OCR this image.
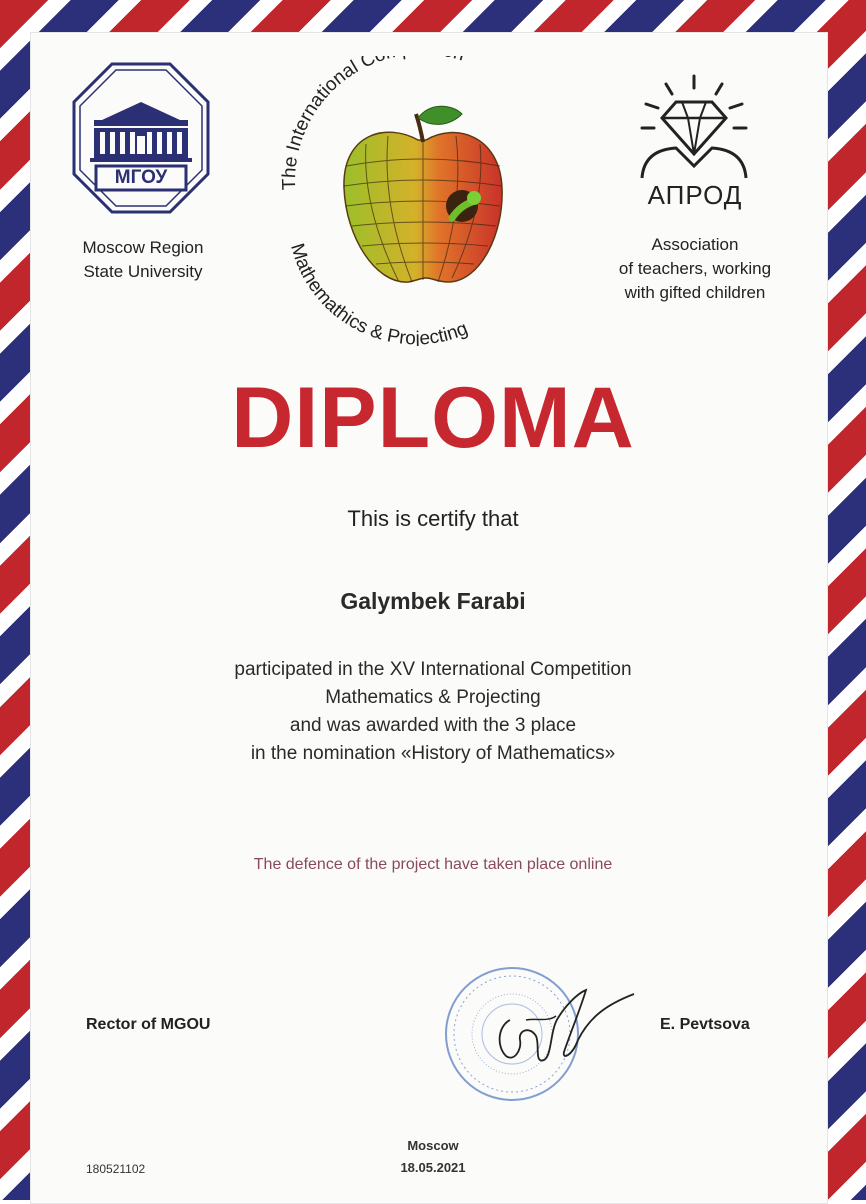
МГОУ
Moscow Region
State University
The International C
Mathemathics & Projecting
АПРОД
Association
of teachers, working
with gifted children
DIPLOMA
This is certify that
Galymbek Farabi
participated in the XV International Competition
Mathematics & Projecting
and was awarded with the 3 place
in the nomination «History of Mathematics»
The defence of the project have taken place online
Rector of MGOU	E. Pevtsova
Moscow
18.05.2021
180521102
